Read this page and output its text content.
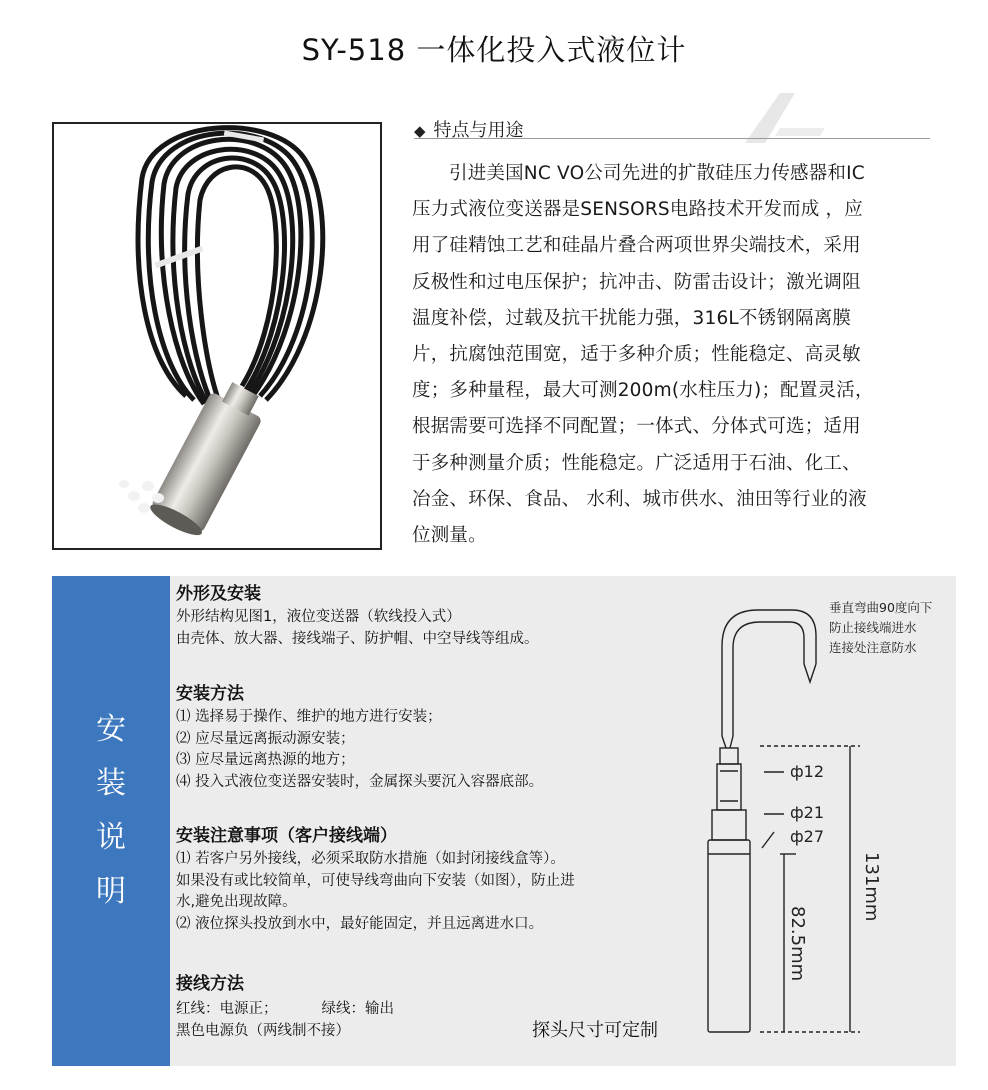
SY-518 一体化投入式液位计
◆ 特点与用途
引进美国NC VO公司先进的扩散硅压力传感器和IC
压力式液位变送器是SENSORS电路技术开发而成 ，应
用了硅精蚀工艺和硅晶片叠合两项世界尖端技术，采用
反极性和过电压保护；抗冲击、防雷击设计；激光调阻
温度补偿，过载及抗干扰能力强，316L不锈钢隔离膜
片，抗腐蚀范围宽，适于多种介质；性能稳定、高灵敏
度；多种量程，最大可测200m(水柱压力)；配置灵活，
根据需要可选择不同配置；一体式、分体式可选；适用
于多种测量介质；性能稳定。广泛适用于石油、化工、
冶金、环保、食品、 水利、城市供水、油田等行业的液
位测量。
安
装
说
明
外形及安装
外形结构见图1，液位变送器（软线投入式）
由壳体、放大器、接线端子、防护帽、中空导线等组成。
安装方法
⑴ 选择易于操作、维护的地方进行安装；
⑵ 应尽量远离振动源安装；
⑶ 应尽量远离热源的地方；
⑷ 投入式液位变送器安装时，金属探头要沉入容器底部。
安装注意事项（客户接线端）
⑴ 若客户另外接线，必须采取防水措施（如封闭接线盒等）。
如果没有或比较简单，可使导线弯曲向下安装（如图），防止进
水,避免出现故障。
⑵ 液位探头投放到水中，最好能固定，并且远离进水口。
接线方法
红线：电源正；	绿线：输出
黑色电源负（两线制不接）
垂直弯曲90度向下
防止接线端进水
连接处注意防水
ф12
ф21
ф27
131mm
82.5mm
探头尺寸可定制
